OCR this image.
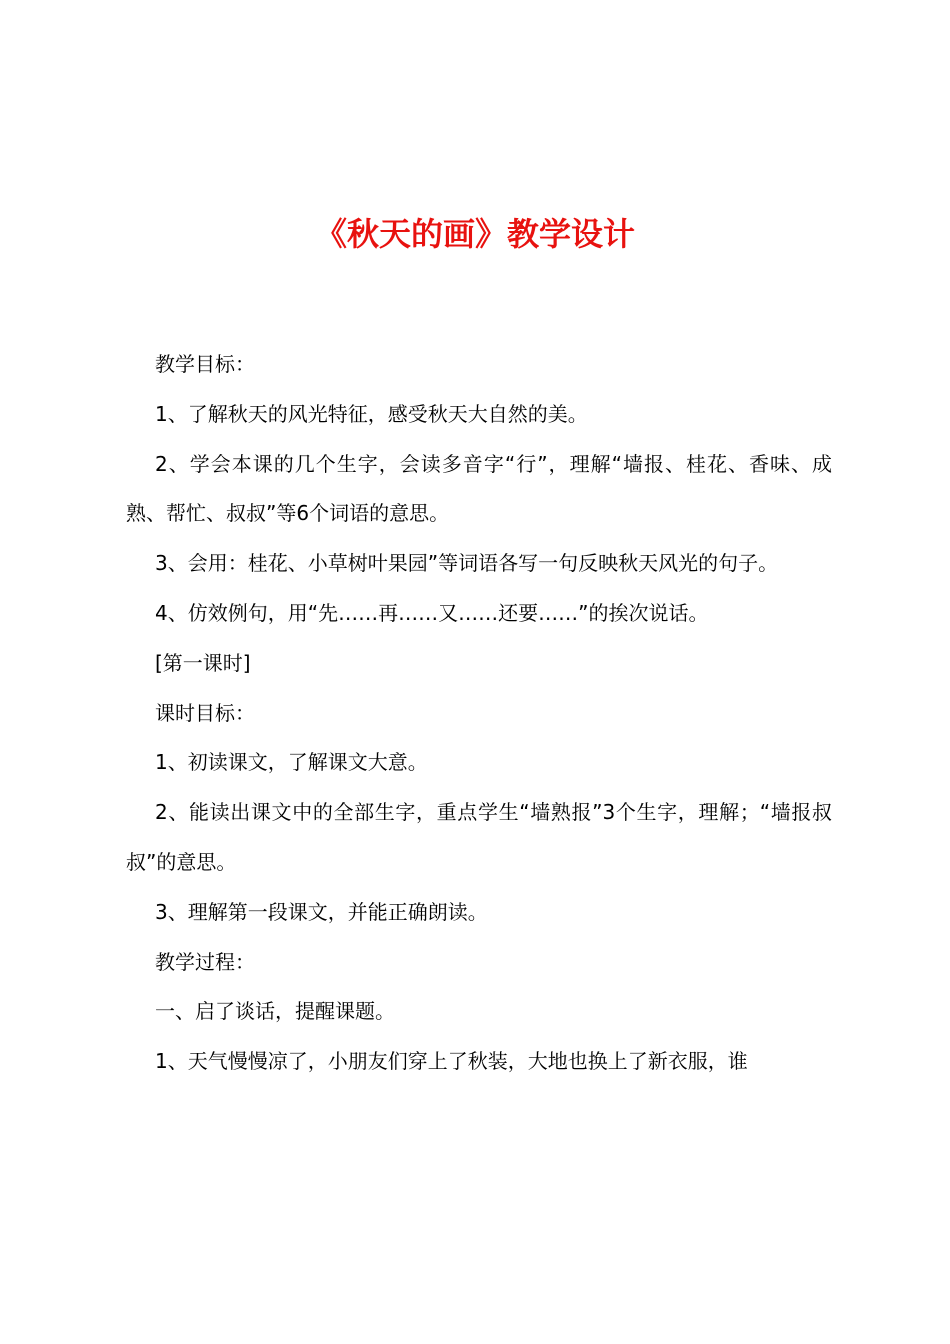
《秋天的画》教学设计

教学目标：

1、了解秋天的风光特征，感受秋天大自然的美。

2、学会本课的几个生字，会读多音字“行”，理解“墙报、桂花、香味、成熟、帮忙、叔叔”等6个词语的意思。

3、会用：桂花、小草树叶果园”等词语各写一句反映秋天风光的句子。

4、仿效例句，用“先……再……又……还要……”的挨次说话。

[第一课时]

课时目标：

1、初读课文，了解课文大意。

2、能读出课文中的全部生字，重点学生“墙熟报”3个生字，理解；“墙报叔叔”的意思。

3、理解第一段课文，并能正确朗读。

教学过程：

一、启了谈话，提醒课题。

1、天气慢慢凉了，小朋友们穿上了秋装，大地也换上了新衣服，谁
